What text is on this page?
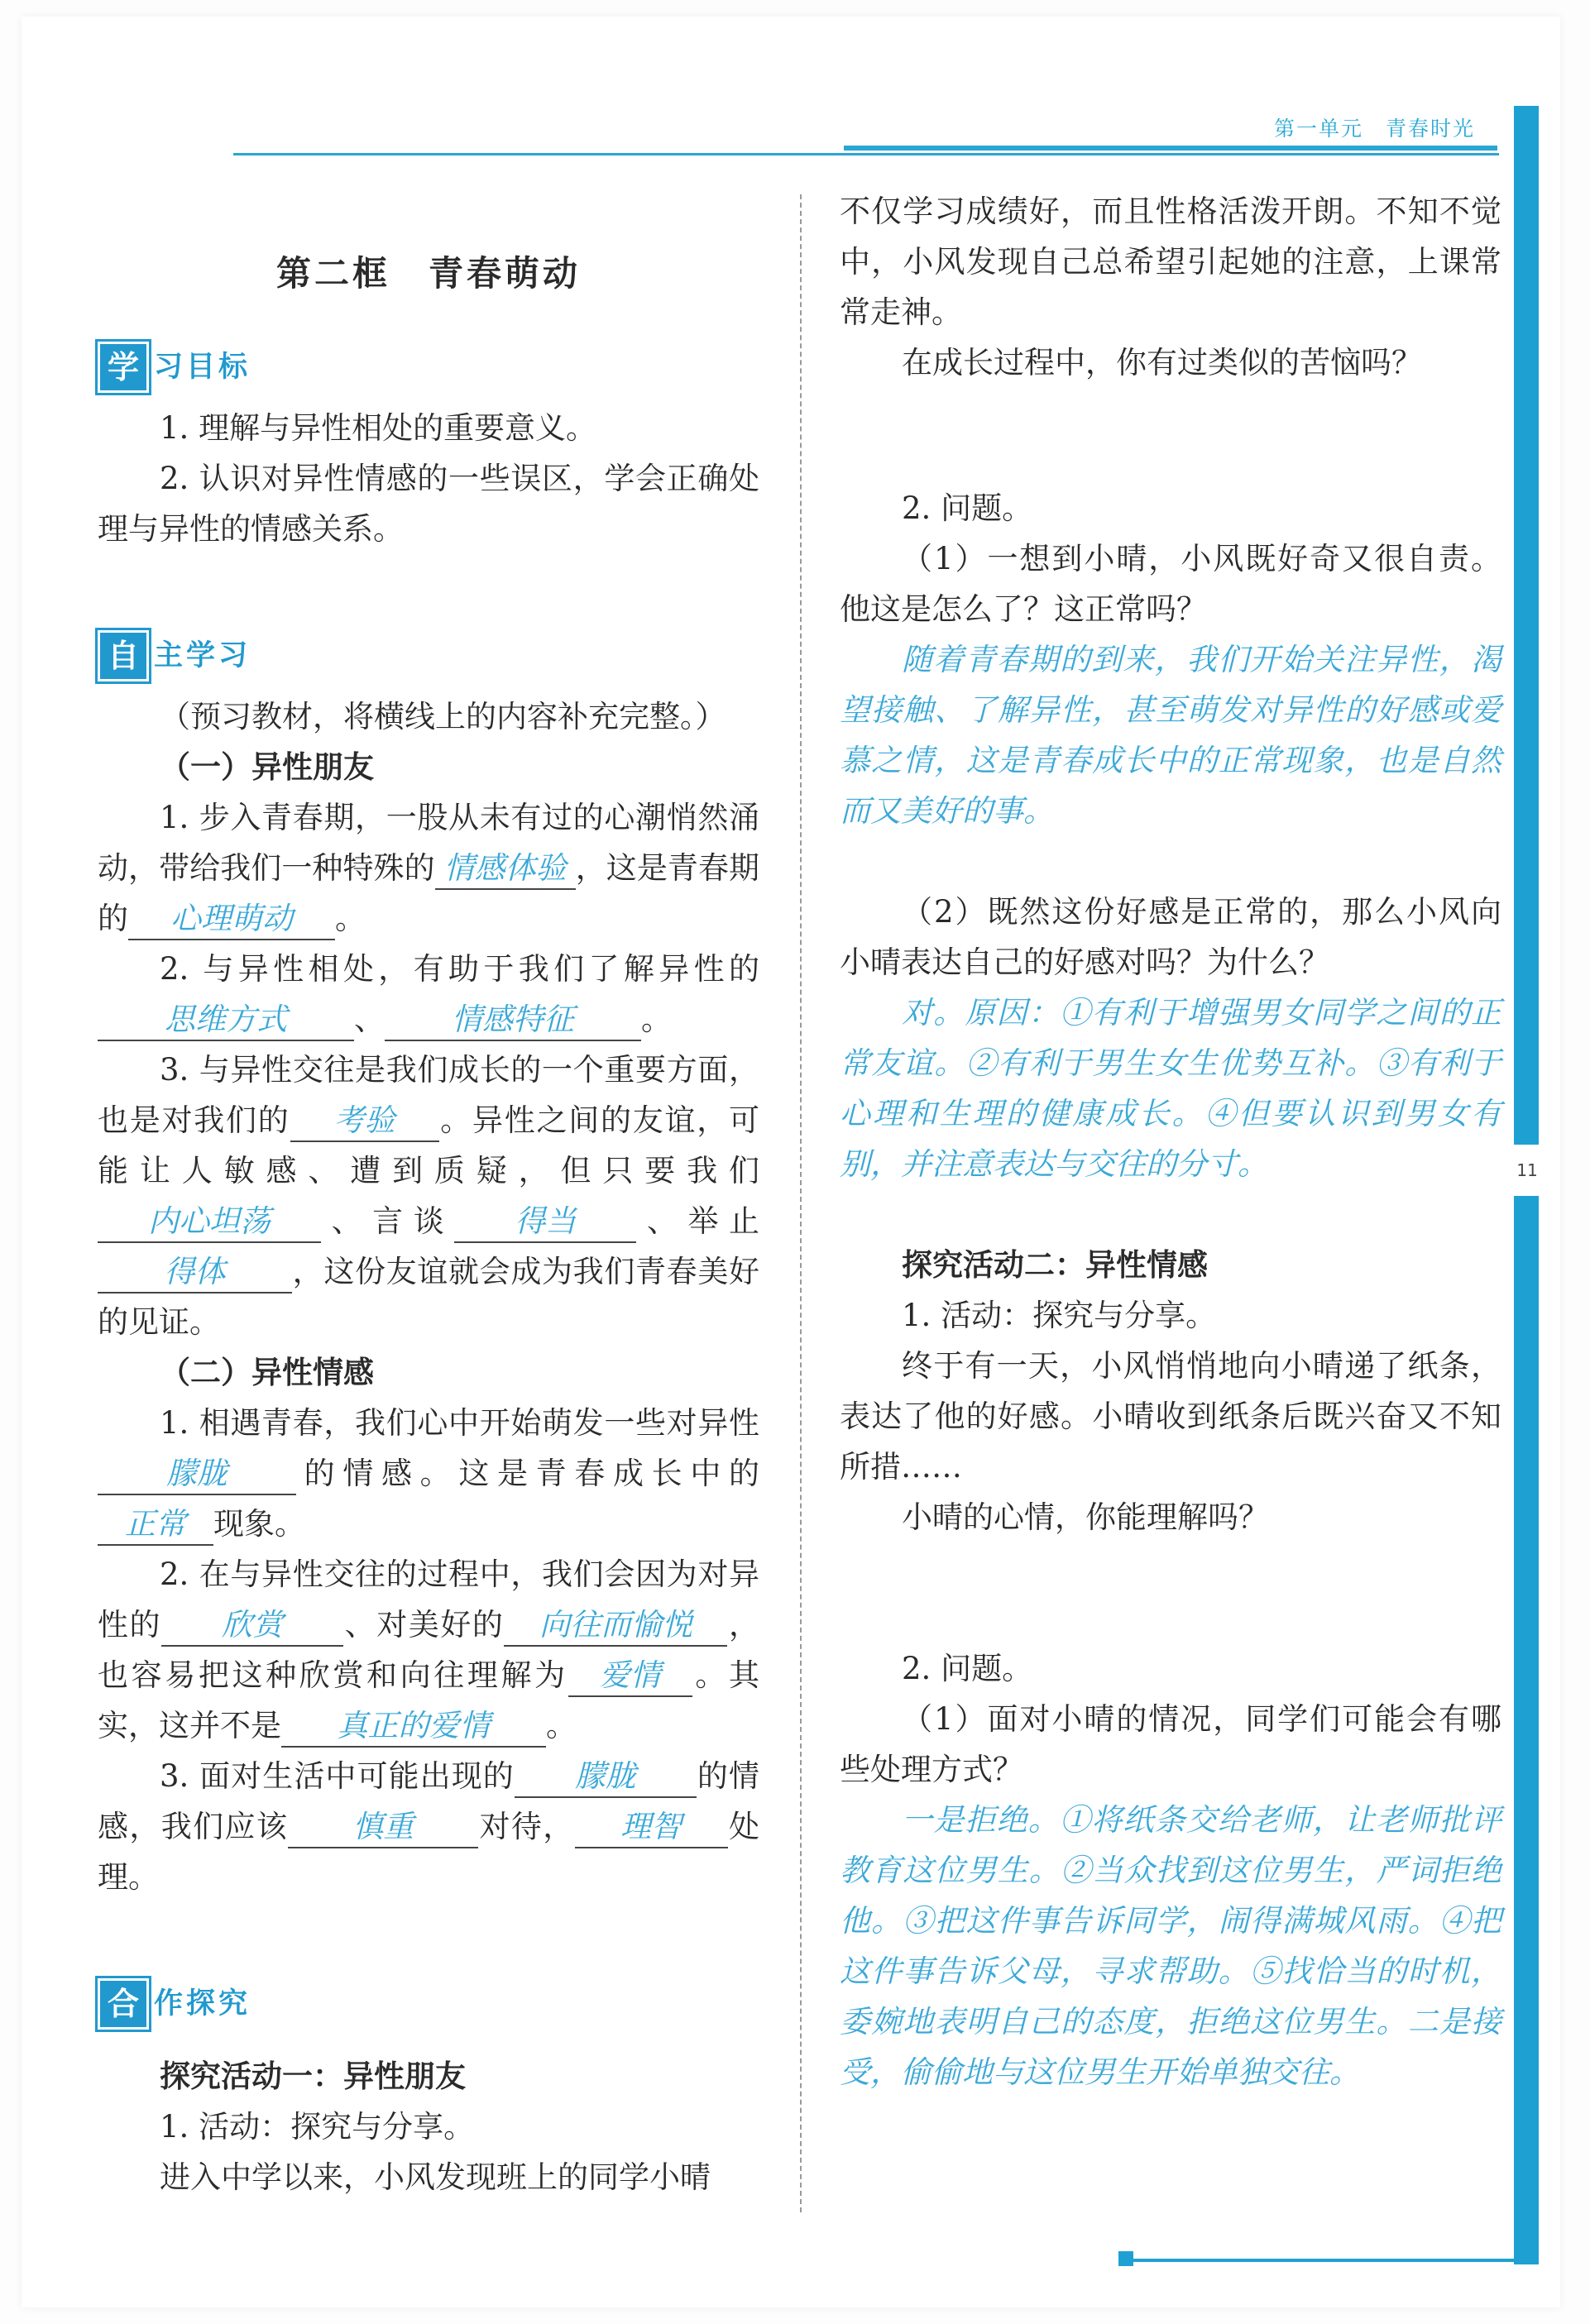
第一单元　青春时光
11
第二框　青春萌动
学 习目标

1. 理解与异性相处的重要意义。

2. 认识对异性情感的一些误区，学会正确处理与异性的情感关系。

自 主学习

（预习教材，将横线上的内容补充完整。）

（一）异性朋友

1. 步入青春期，一股从未有过的心潮悄然涌动，带给我们一种特殊的 情感体验 ，这是青春期的 心理萌动 。

2. 与异性相处，有助于我们了解异性的思维方式 、 情感特征 。

3. 与异性交往是我们成长的一个重要方面，也是对我们的 考验 。异性之间的友谊，可能让人敏感、遭到质疑，但只要我们内心坦荡 、言谈 得当 、举止得体 ，这份友谊就会成为我们青春美好的见证。

（二）异性情感

1. 相遇青春，我们心中开始萌发一些对异性朦胧 的情感。这是青春成长中的正常 现象。

2. 在与异性交往的过程中，我们会因为对异性的 欣赏 、对美好的 向往而愉悦 ，也容易把这种欣赏和向往理解为 爱情 。其实，这并不是 真正的爱情 。

3. 面对生活中可能出现的 朦胧 的情感，我们应该 慎重 对待， 理智 处理。

合 作探究

探究活动一：异性朋友

1. 活动：探究与分享。

进入中学以来，小风发现班上的同学小晴

不仅学习成绩好，而且性格活泼开朗。不知不觉中，小风发现自己总希望引起她的注意，上课常常走神。

在成长过程中，你有过类似的苦恼吗？

2. 问题。

（1）一想到小晴，小风既好奇又很自责。他这是怎么了？这正常吗？

随着青春期的到来，我们开始关注异性，渴望接触、了解异性，甚至萌发对异性的好感或爱慕之情，这是青春成长中的正常现象，也是自然而又美好的事。

（2）既然这份好感是正常的，那么小风向小晴表达自己的好感对吗？为什么？

对。原因：①有利于增强男女同学之间的正常友谊。②有利于男生女生优势互补。③有利于心理和生理的健康成长。④但要认识到男女有别，并注意表达与交往的分寸。

探究活动二：异性情感

1. 活动：探究与分享。

终于有一天，小风悄悄地向小晴递了纸条，表达了他的好感。小晴收到纸条后既兴奋又不知所措……

小晴的心情，你能理解吗？

2. 问题。

（1）面对小晴的情况，同学们可能会有哪些处理方式？

一是拒绝。①将纸条交给老师，让老师批评教育这位男生。②当众找到这位男生，严词拒绝他。③把这件事告诉同学，闹得满城风雨。④把这件事告诉父母，寻求帮助。⑤找恰当的时机，委婉地表明自己的态度，拒绝这位男生。二是接受，偷偷地与这位男生开始单独交往。
